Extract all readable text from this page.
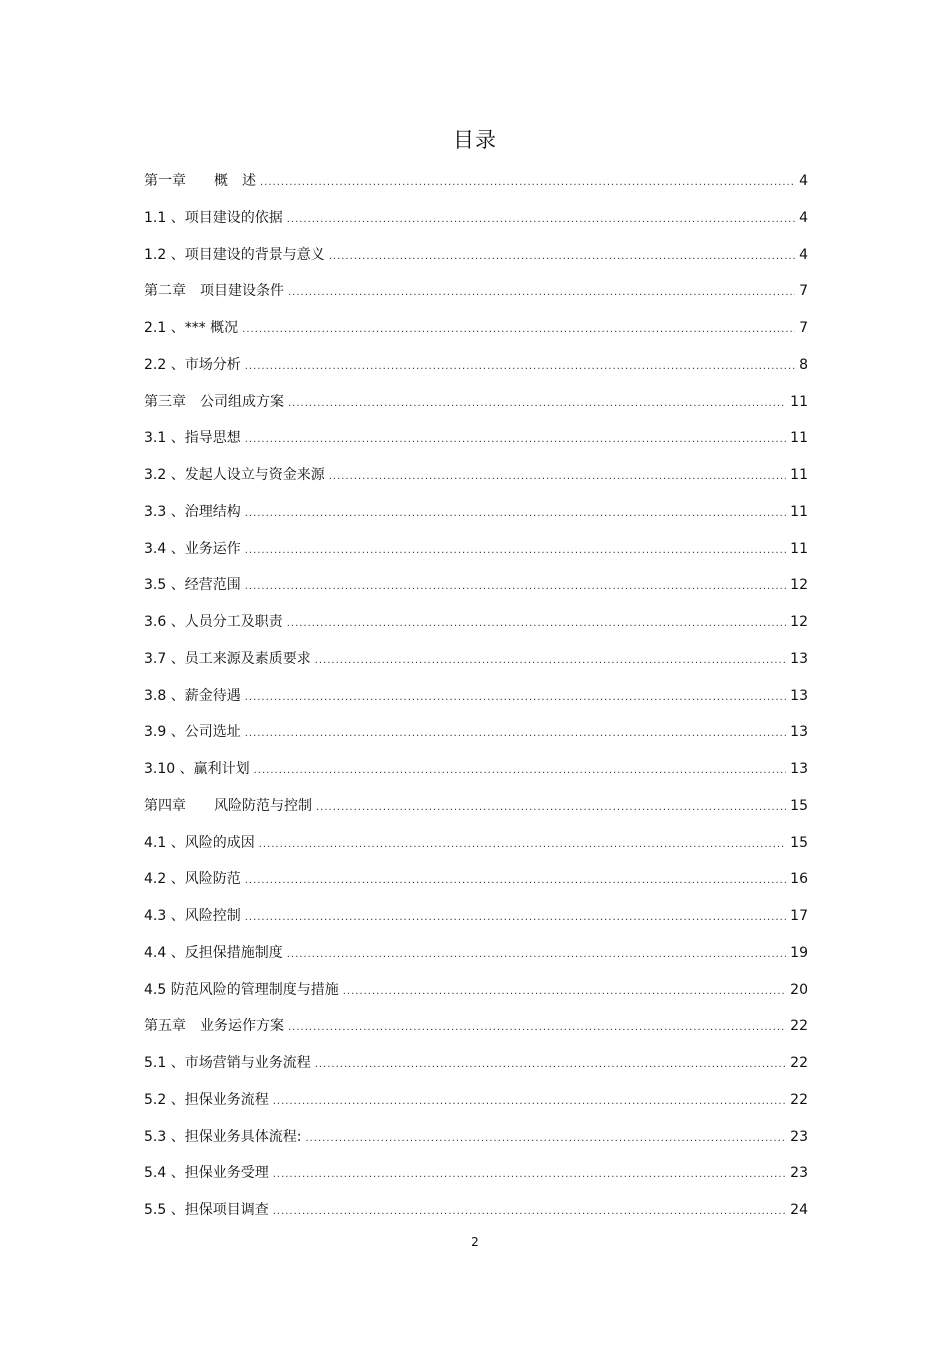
目录
第一章　　概　述 .....	4
1.1 、项目建设的依据 .....	4
1.2 、项目建设的背景与意义 .....	4
第二章　项目建设条件 .....	7
2.1 、*** 概况 .....	7
2.2 、市场分析 .....	8
第三章　公司组成方案 .....	11
3.1 、指导思想 .....	11
3.2 、发起人设立与资金来源 .....	11
3.3 、治理结构 .....	11
3.4 、业务运作 .....	11
3.5 、经营范围 .....	12
3.6 、人员分工及职责 .....	12
3.7 、员工来源及素质要求 .....	13
3.8 、薪金待遇 .....	13
3.9 、公司选址 .....	13
3.10 、赢利计划 .....	13
第四章　　风险防范与控制 .....	15
4.1 、风险的成因 .....	15
4.2 、风险防范 .....	16
4.3 、风险控制 .....	17
4.4 、反担保措施制度 .....	19
4.5 防范风险的管理制度与措施 .....	20
第五章　业务运作方案 .....	22
5.1 、市场营销与业务流程 .....	22
5.2 、担保业务流程 .....	22
5.3 、担保业务具体流程: .....	23
5.4 、担保业务受理 .....	23
5.5 、担保项目调查 .....	24
2
